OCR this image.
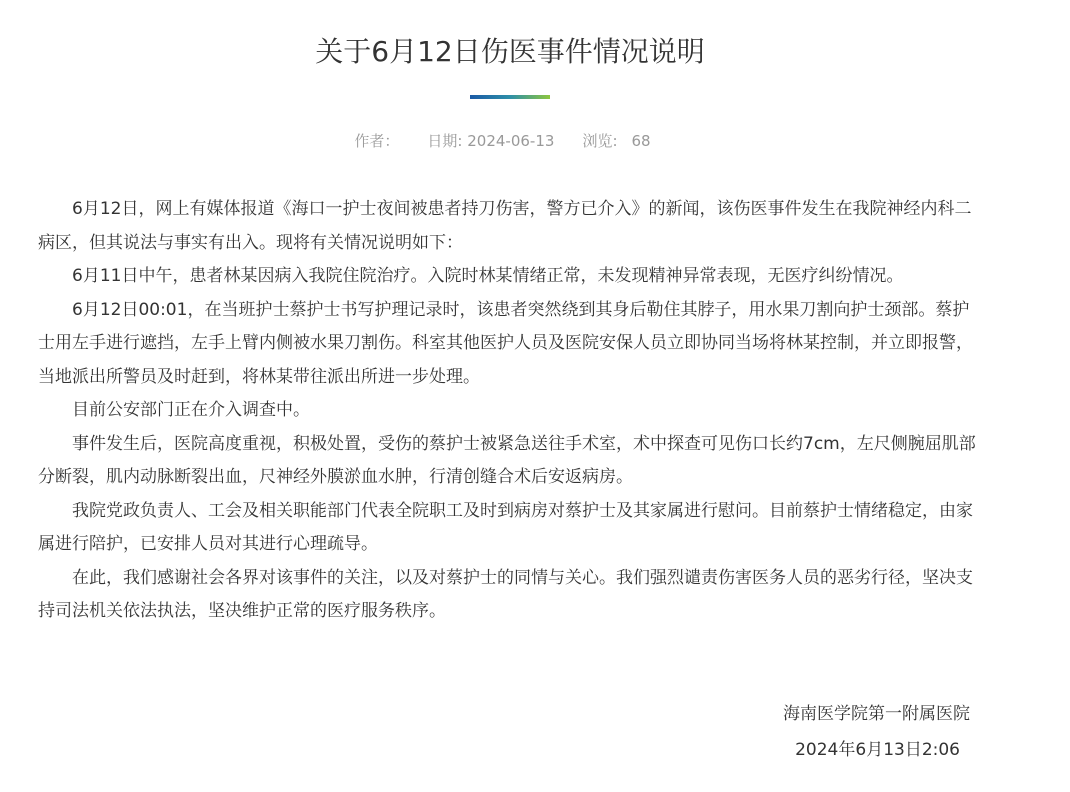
关于6月12日伤医事件情况说明
作者： 日期: 2024-06-13 浏览: 68

6月12日，网上有媒体报道《海口一护士夜间被患者持刀伤害，警方已介入》的新闻，该伤医事件发生在我院神经内科二病区，但其说法与事实有出入。现将有关情况说明如下：

6月11日中午，患者林某因病入我院住院治疗。入院时林某情绪正常，未发现精神异常表现，无医疗纠纷情况。

6月12日00:01，在当班护士蔡护士书写护理记录时，该患者突然绕到其身后勒住其脖子，用水果刀割向护士颈部。蔡护士用左手进行遮挡，左手上臂内侧被水果刀割伤。科室其他医护人员及医院安保人员立即协同当场将林某控制，并立即报警，当地派出所警员及时赶到，将林某带往派出所进一步处理。

目前公安部门正在介入调查中。

事件发生后，医院高度重视，积极处置，受伤的蔡护士被紧急送往手术室，术中探查可见伤口长约7cm，左尺侧腕屈肌部分断裂，肌内动脉断裂出血，尺神经外膜淤血水肿，行清创缝合术后安返病房。

我院党政负责人、工会及相关职能部门代表全院职工及时到病房对蔡护士及其家属进行慰问。目前蔡护士情绪稳定，由家属进行陪护，已安排人员对其进行心理疏导。

在此，我们感谢社会各界对该事件的关注，以及对蔡护士的同情与关心。我们强烈谴责伤害医务人员的恶劣行径，坚决支持司法机关依法执法，坚决维护正常的医疗服务秩序。

海南医学院第一附属医院
2024年6月13日2:06
